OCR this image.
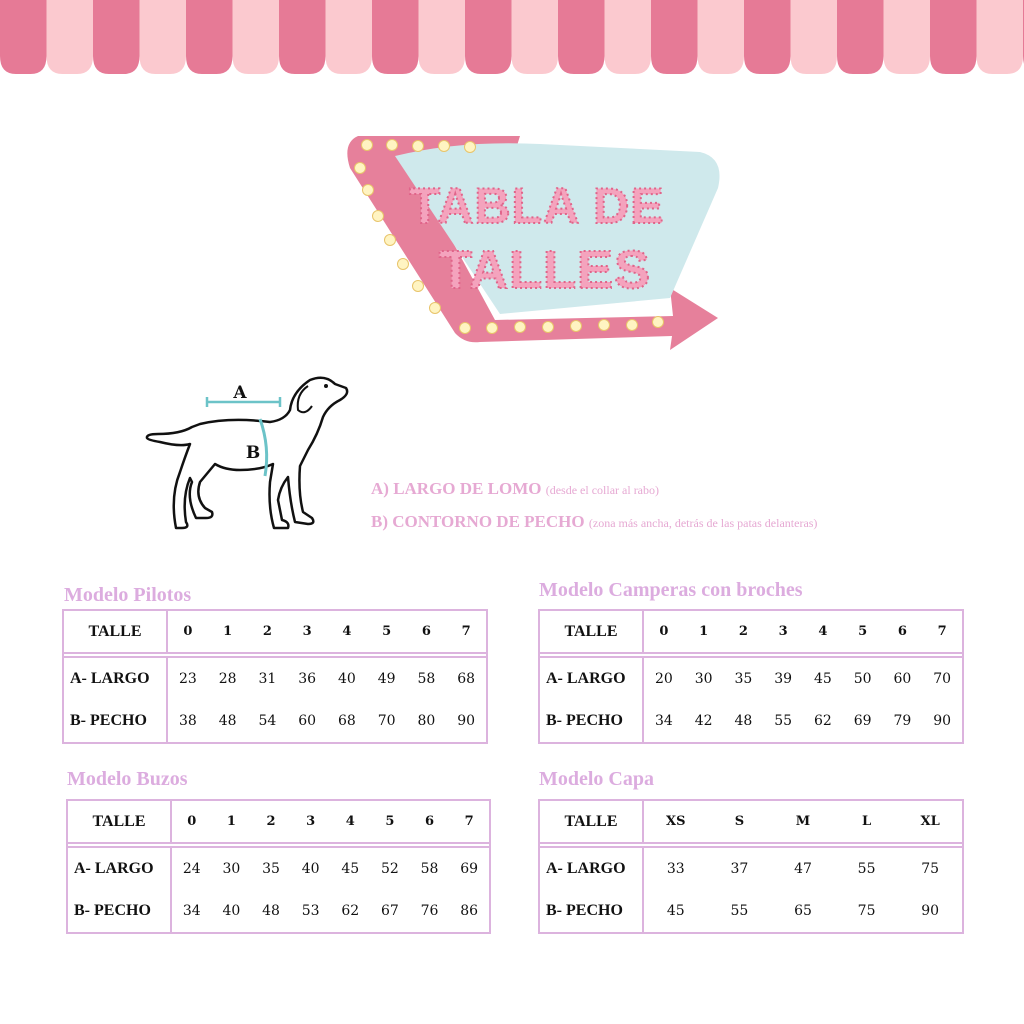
TABLA DE
TALLES
A
B
A) LARGO DE LOMO (desde el collar al rabo)
B) CONTORNO DE PECHO (zona más ancha, detrás de las patas delanteras)
Modelo Pilotos
TALLE	0	1	2	3	4	5	6	7
A- LARGO	23	28	31	36	40	49	58	68
B- PECHO	38	48	54	60	68	70	80	90
Modelo Camperas con broches
TALLE	0	1	2	3	4	5	6	7
A- LARGO	20	30	35	39	45	50	60	70
B- PECHO	34	42	48	55	62	69	79	90
Modelo Buzos
TALLE	0	1	2	3	4	5	6	7
A- LARGO	24	30	35	40	45	52	58	69
B- PECHO	34	40	48	53	62	67	76	86
Modelo Capa
TALLE	XS	S	M	L	XL
A- LARGO	33	37	47	55	75
B- PECHO	45	55	65	75	90
